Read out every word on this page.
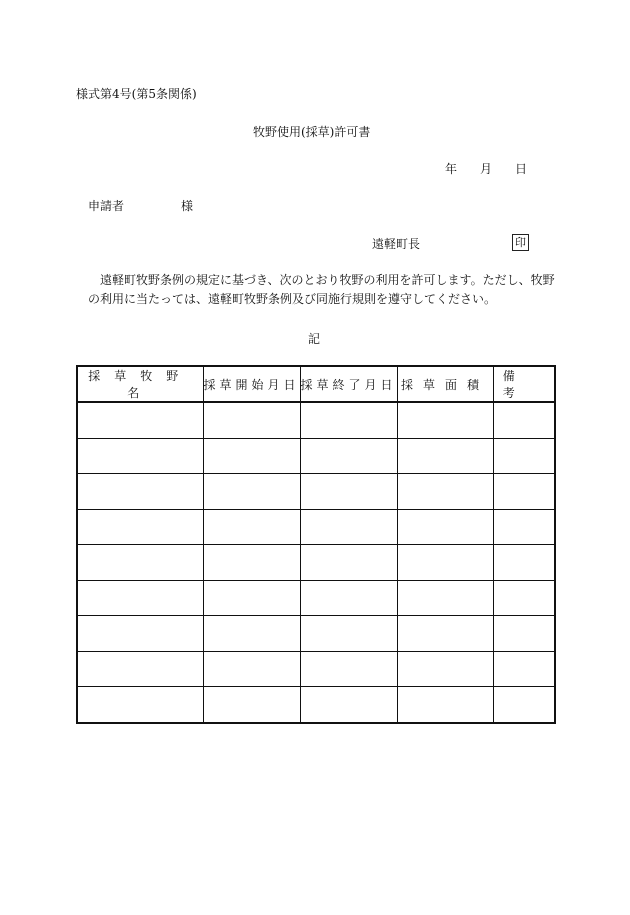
様式第4号(第5条関係)
牧野使用(採草)許可書
年 月 日
申請者	様
遠軽町長	印
遠軽町牧野条例の規定に基づき、次のとおり牧野の利用を許可します。ただし、牧野
の利用に当たっては、遠軽町牧野条例及び同施行規則を遵守してください。
記
採草牧野名	採草開始月日	採草終了月日	採草面積	備考
